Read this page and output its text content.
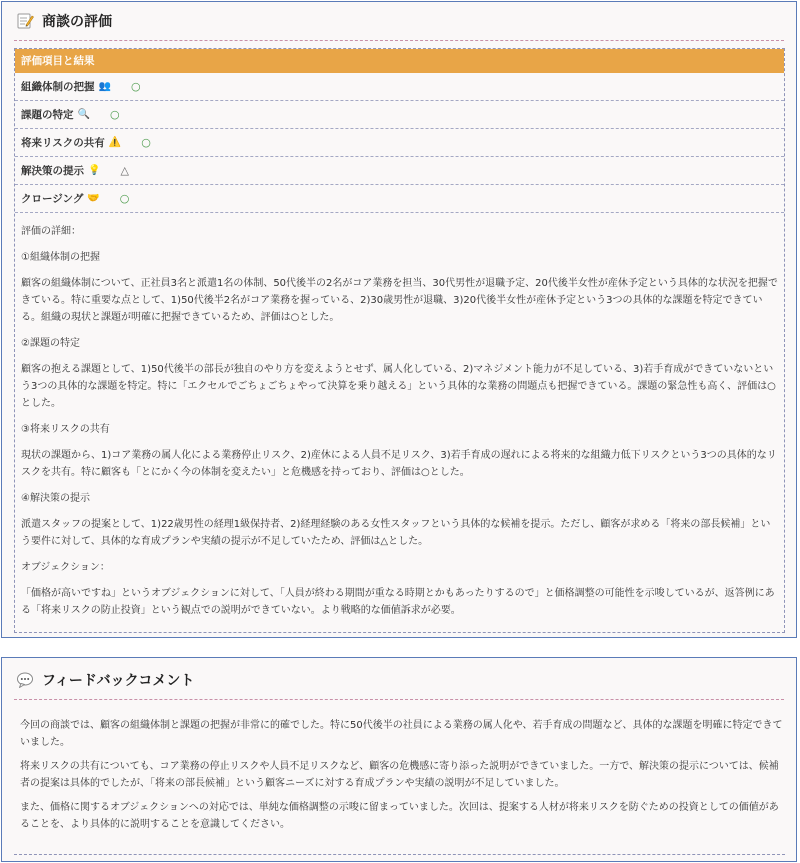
商談の評価
評価項目と結果
組織体制の把握 👥 ○
課題の特定 🔍 ○
将来リスクの共有 ⚠️ ○
解決策の提示 💡 △
クロージング 🤝 ○

評価の詳細：

①組織体制の把握

顧客の組織体制について、正社員3名と派遣1名の体制、50代後半の2名がコア業務を担当、30代男性が退職予定、20代後半女性が産休予定という具体的な状況を把握できている。特に重要な点として、1)50代後半2名がコア業務を握っている、2)30歳男性が退職、3)20代後半女性が産休予定という3つの具体的な課題を特定できている。組織の現状と課題が明確に把握できているため、評価は○とした。

②課題の特定

顧客の抱える課題として、1)50代後半の部長が独自のやり方を変えようとせず、属人化している、2)マネジメント能力が不足している、3)若手育成ができていないという3つの具体的な課題を特定。特に「エクセルでごちょごちょやって決算を乗り越える」という具体的な業務の問題点も把握できている。課題の緊急性も高く、評価は○とした。

③将来リスクの共有

現状の課題から、1)コア業務の属人化による業務停止リスク、2)産休による人員不足リスク、3)若手育成の遅れによる将来的な組織力低下リスクという3つの具体的なリスクを共有。特に顧客も「とにかく今の体制を変えたい」と危機感を持っており、評価は○とした。

④解決策の提示

派遣スタッフの提案として、1)22歳男性の経理1級保持者、2)経理経験のある女性スタッフという具体的な候補を提示。ただし、顧客が求める「将来の部長候補」という要件に対して、具体的な育成プランや実績の提示が不足していたため、評価は△とした。

オブジェクション：

「価格が高いですね」というオブジェクションに対して、「人員が終わる期間が重なる時期とかもあったりするので」と価格調整の可能性を示唆しているが、返答例にある「将来リスクの防止投資」という観点での説明ができていない。より戦略的な価値訴求が必要。

フィードバックコメント

今回の商談では、顧客の組織体制と課題の把握が非常に的確でした。特に50代後半の社員による業務の属人化や、若手育成の問題など、具体的な課題を明確に特定できていました。

将来リスクの共有についても、コア業務の停止リスクや人員不足リスクなど、顧客の危機感に寄り添った説明ができていました。一方で、解決策の提示については、候補者の提案は具体的でしたが、「将来の部長候補」という顧客ニーズに対する育成プランや実績の説明が不足していました。

また、価格に関するオブジェクションへの対応では、単純な価格調整の示唆に留まっていました。次回は、提案する人材が将来リスクを防ぐための投資としての価値があることを、より具体的に説明することを意識してください。
